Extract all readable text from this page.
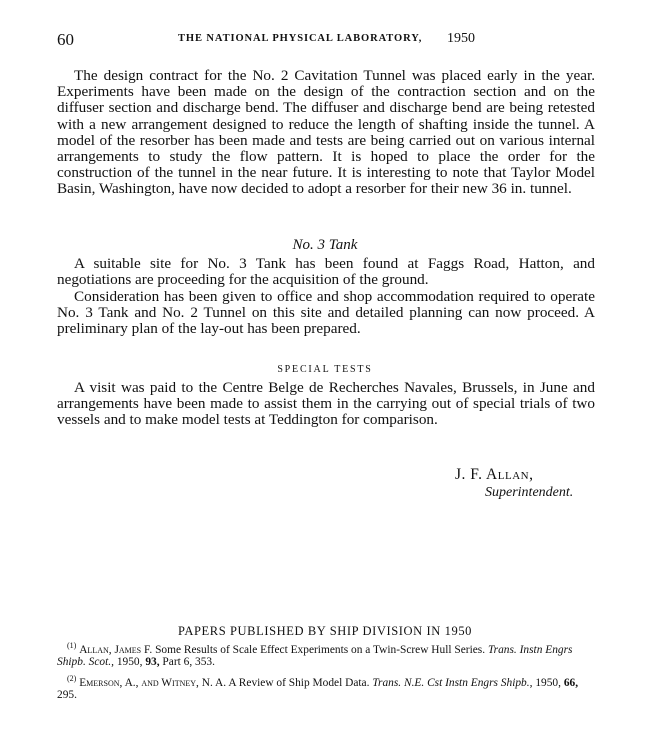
60	THE NATIONAL PHYSICAL LABORATORY, 1950

The design contract for the No. 2 Cavitation Tunnel was placed early in the year. Experiments have been made on the design of the contraction section and on the diffuser section and discharge bend. The diffuser and discharge bend are being retested with a new arrangement designed to reduce the length of shafting inside the tunnel. A model of the resorber has been made and tests are being carried out on various internal arrangements to study the flow pattern. It is hoped to place the order for the construction of the tunnel in the near future. It is interesting to note that Taylor Model Basin, Washington, have now decided to adopt a resorber for their new 36 in. tunnel.

No. 3 Tank

A suitable site for No. 3 Tank has been found at Faggs Road, Hatton, and negotiations are proceeding for the acquisition of the ground.

Consideration has been given to office and shop accommodation required to operate No. 3 Tank and No. 2 Tunnel on this site and detailed planning can now proceed. A preliminary plan of the lay-out has been prepared.

SPECIAL TESTS

A visit was paid to the Centre Belge de Recherches Navales, Brussels, in June and arrangements have been made to assist them in the carrying out of special trials of two vessels and to make model tests at Teddington for comparison.

J. F. Allan,
Superintendent.
PAPERS PUBLISHED BY SHIP DIVISION IN 1950
$^{(1)}$ Allan, James F. Some Results of Scale Effect Experiments on a Twin-Screw Hull Series. Trans. Instn Engrs Shipb. Scot., 1950, 93, Part 6, 353.
$^{(2)}$ Emerson, A., and Witney, N. A. A Review of Ship Model Data. Trans. N.E. Cst Instn Engrs Shipb., 1950, 66, 295.
